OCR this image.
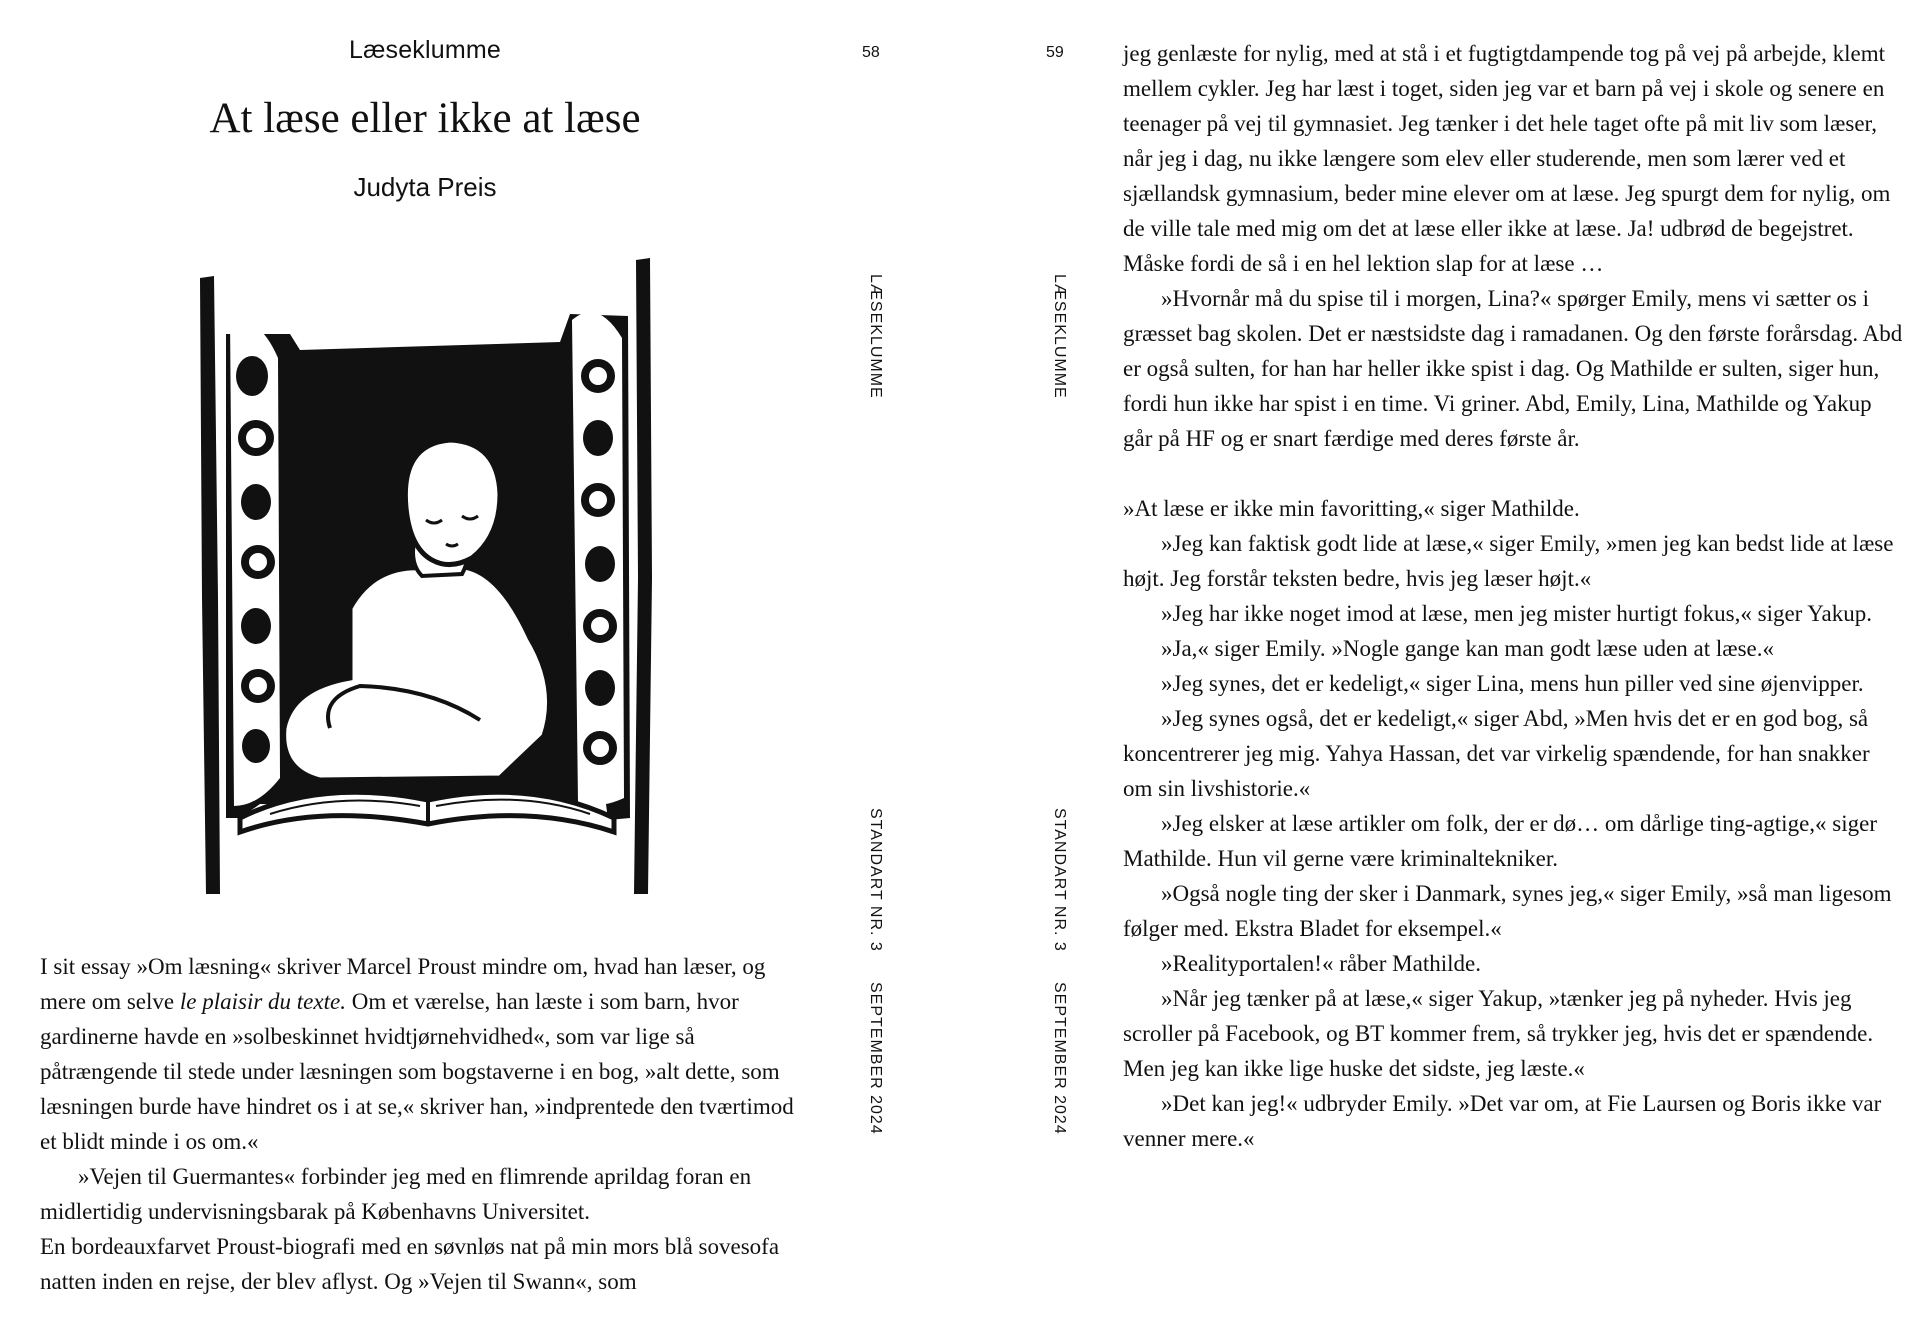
Læseklumme
At læse eller ikke at læse
Judyta Preis
58
LÆSEKLUMME
STANDART NR. 3
SEPTEMBER 2024

I sit essay »Om læsning« skriver Marcel Proust mindre om, hvad han læser, og mere om selve le plaisir du texte. Om et værelse, han læste i som barn, hvor gardinerne havde en »solbeskinnet hvidtjørnehvidhed«, som var lige så påtrængende til stede under læsningen som bogstaverne i en bog, »alt dette, som læsningen burde have hindret os i at se,« skriver han, »indprentede den tværtimod et blidt minde i os om.«

»Vejen til Guermantes« forbinder jeg med en flimrende aprildag foran en midlertidig undervisningsbarak på Københavns Universitet.

En bordeauxfarvet Proust-biografi med en søvnløs nat på min mors blå sovesofa natten inden en rejse, der blev aflyst. Og »Vejen til Swann«, som

59
LÆSEKLUMME
STANDART NR. 3
SEPTEMBER 2024

jeg genlæste for nylig, med at stå i et fugtigtdampende tog på vej på arbejde, klemt mellem cykler. Jeg har læst i toget, siden jeg var et barn på vej i skole og senere en teenager på vej til gymnasiet. Jeg tænker i det hele taget ofte på mit liv som læser, når jeg i dag, nu ikke længere som elev eller studerende, men som lærer ved et sjællandsk gymnasium, beder mine elever om at læse. Jeg spurgt dem for nylig, om de ville tale med mig om det at læse eller ikke at læse. Ja! udbrød de begejstret. Måske fordi de så i en hel lektion slap for at læse …

»Hvornår må du spise til i morgen, Lina?« spørger Emily, mens vi sætter os i græsset bag skolen. Det er næstsidste dag i ramadanen. Og den første forårsdag. Abd er også sulten, for han har heller ikke spist i dag. Og Mathilde er sulten, siger hun, fordi hun ikke har spist i en time. Vi griner. Abd, Emily, Lina, Mathilde og Yakup går på HF og er snart færdige med deres første år.

»At læse er ikke min favoritting,« siger Mathilde.

»Jeg kan faktisk godt lide at læse,« siger Emily, »men jeg kan bedst lide at læse højt. Jeg forstår teksten bedre, hvis jeg læser højt.«

»Jeg har ikke noget imod at læse, men jeg mister hurtigt fokus,« siger Yakup.

»Ja,« siger Emily. »Nogle gange kan man godt læse uden at læse.«

»Jeg synes, det er kedeligt,« siger Lina, mens hun piller ved sine øjenvipper.

»Jeg synes også, det er kedeligt,« siger Abd, »Men hvis det er en god bog, så koncentrerer jeg mig. Yahya Hassan, det var virkelig spændende, for han snakker om sin livshistorie.«

»Jeg elsker at læse artikler om folk, der er dø… om dårlige ting-agtige,« siger Mathilde. Hun vil gerne være kriminaltekniker.

»Også nogle ting der sker i Danmark, synes jeg,« siger Emily, »så man ligesom følger med. Ekstra Bladet for eksempel.«

»Realityportalen!« råber Mathilde.

»Når jeg tænker på at læse,« siger Yakup, »tænker jeg på nyheder. Hvis jeg scroller på Facebook, og BT kommer frem, så trykker jeg, hvis det er spændende. Men jeg kan ikke lige huske det sidste, jeg læste.«

»Det kan jeg!« udbryder Emily. »Det var om, at Fie Laursen og Boris ikke var venner mere.«
